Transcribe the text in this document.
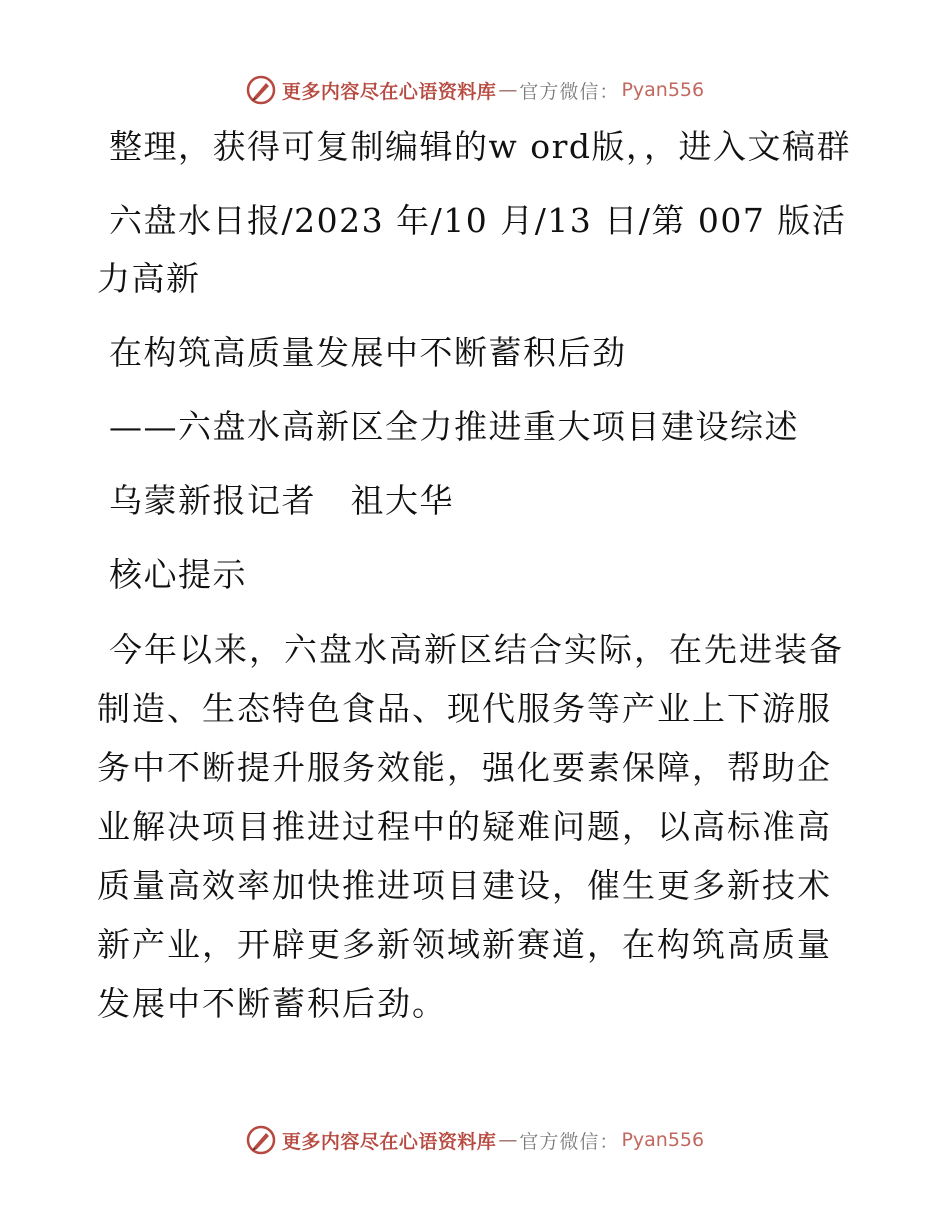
更多内容尽在心语资料库 — 官方微信： Pyan556

整理，获得可复制编辑的w ord版，，进入文稿群

六盘水日报/2023 年/10 月/13 日/第 007 版活力高新

在构筑高质量发展中不断蓄积后劲

——六盘水高新区全力推进重大项目建设综述

乌蒙新报记者　祖大华

核心提示

今年以来，六盘水高新区结合实际，在先进装备制造、生态特色食品、现代服务等产业上下游服务中不断提升服务效能，强化要素保障，帮助企业解决项目推进过程中的疑难问题，以高标准高质量高效率加快推进项目建设，催生更多新技术新产业，开辟更多新领域新赛道，在构筑高质量发展中不断蓄积后劲。

更多内容尽在心语资料库 — 官方微信： Pyan556
